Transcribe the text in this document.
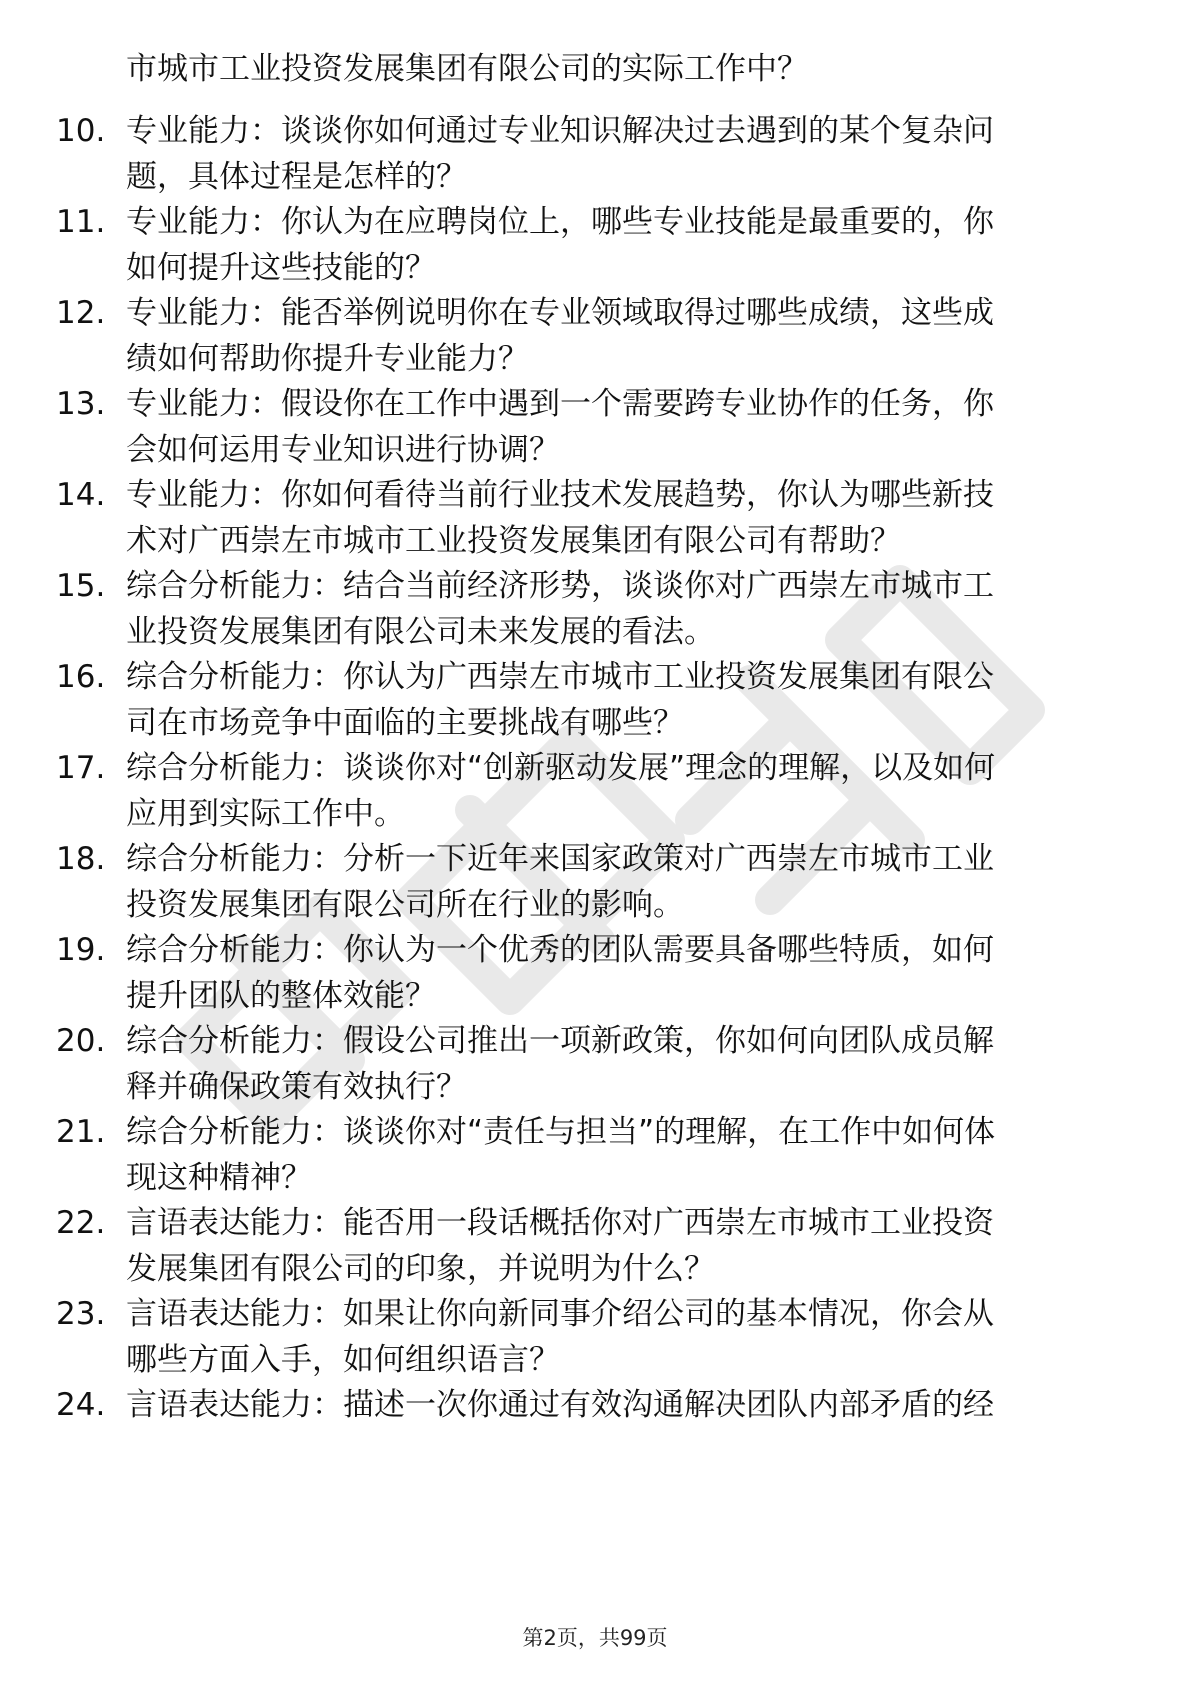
市城市工业投资发展集团有限公司的实际工作中？
10. 专业能力：谈谈你如何通过专业知识解决过去遇到的某个复杂问
题，具体过程是怎样的？
11. 专业能力：你认为在应聘岗位上，哪些专业技能是最重要的，你
如何提升这些技能的？
12. 专业能力：能否举例说明你在专业领域取得过哪些成绩，这些成
绩如何帮助你提升专业能力？
13. 专业能力：假设你在工作中遇到一个需要跨专业协作的任务，你
会如何运用专业知识进行协调？
14. 专业能力：你如何看待当前行业技术发展趋势，你认为哪些新技
术对广西崇左市城市工业投资发展集团有限公司有帮助？
15. 综合分析能力：结合当前经济形势，谈谈你对广西崇左市城市工
业投资发展集团有限公司未来发展的看法。
16. 综合分析能力：你认为广西崇左市城市工业投资发展集团有限公
司在市场竞争中面临的主要挑战有哪些？
17. 综合分析能力：谈谈你对“创新驱动发展”理念的理解，以及如何
应用到实际工作中。
18. 综合分析能力：分析一下近年来国家政策对广西崇左市城市工业
投资发展集团有限公司所在行业的影响。
19. 综合分析能力：你认为一个优秀的团队需要具备哪些特质，如何
提升团队的整体效能？
20. 综合分析能力：假设公司推出一项新政策，你如何向团队成员解
释并确保政策有效执行？
21. 综合分析能力：谈谈你对“责任与担当”的理解，在工作中如何体
现这种精神？
22. 言语表达能力：能否用一段话概括你对广西崇左市城市工业投资
发展集团有限公司的印象，并说明为什么？
23. 言语表达能力：如果让你向新同事介绍公司的基本情况，你会从
哪些方面入手，如何组织语言？
24. 言语表达能力：描述一次你通过有效沟通解决团队内部矛盾的经
第2页，共99页
